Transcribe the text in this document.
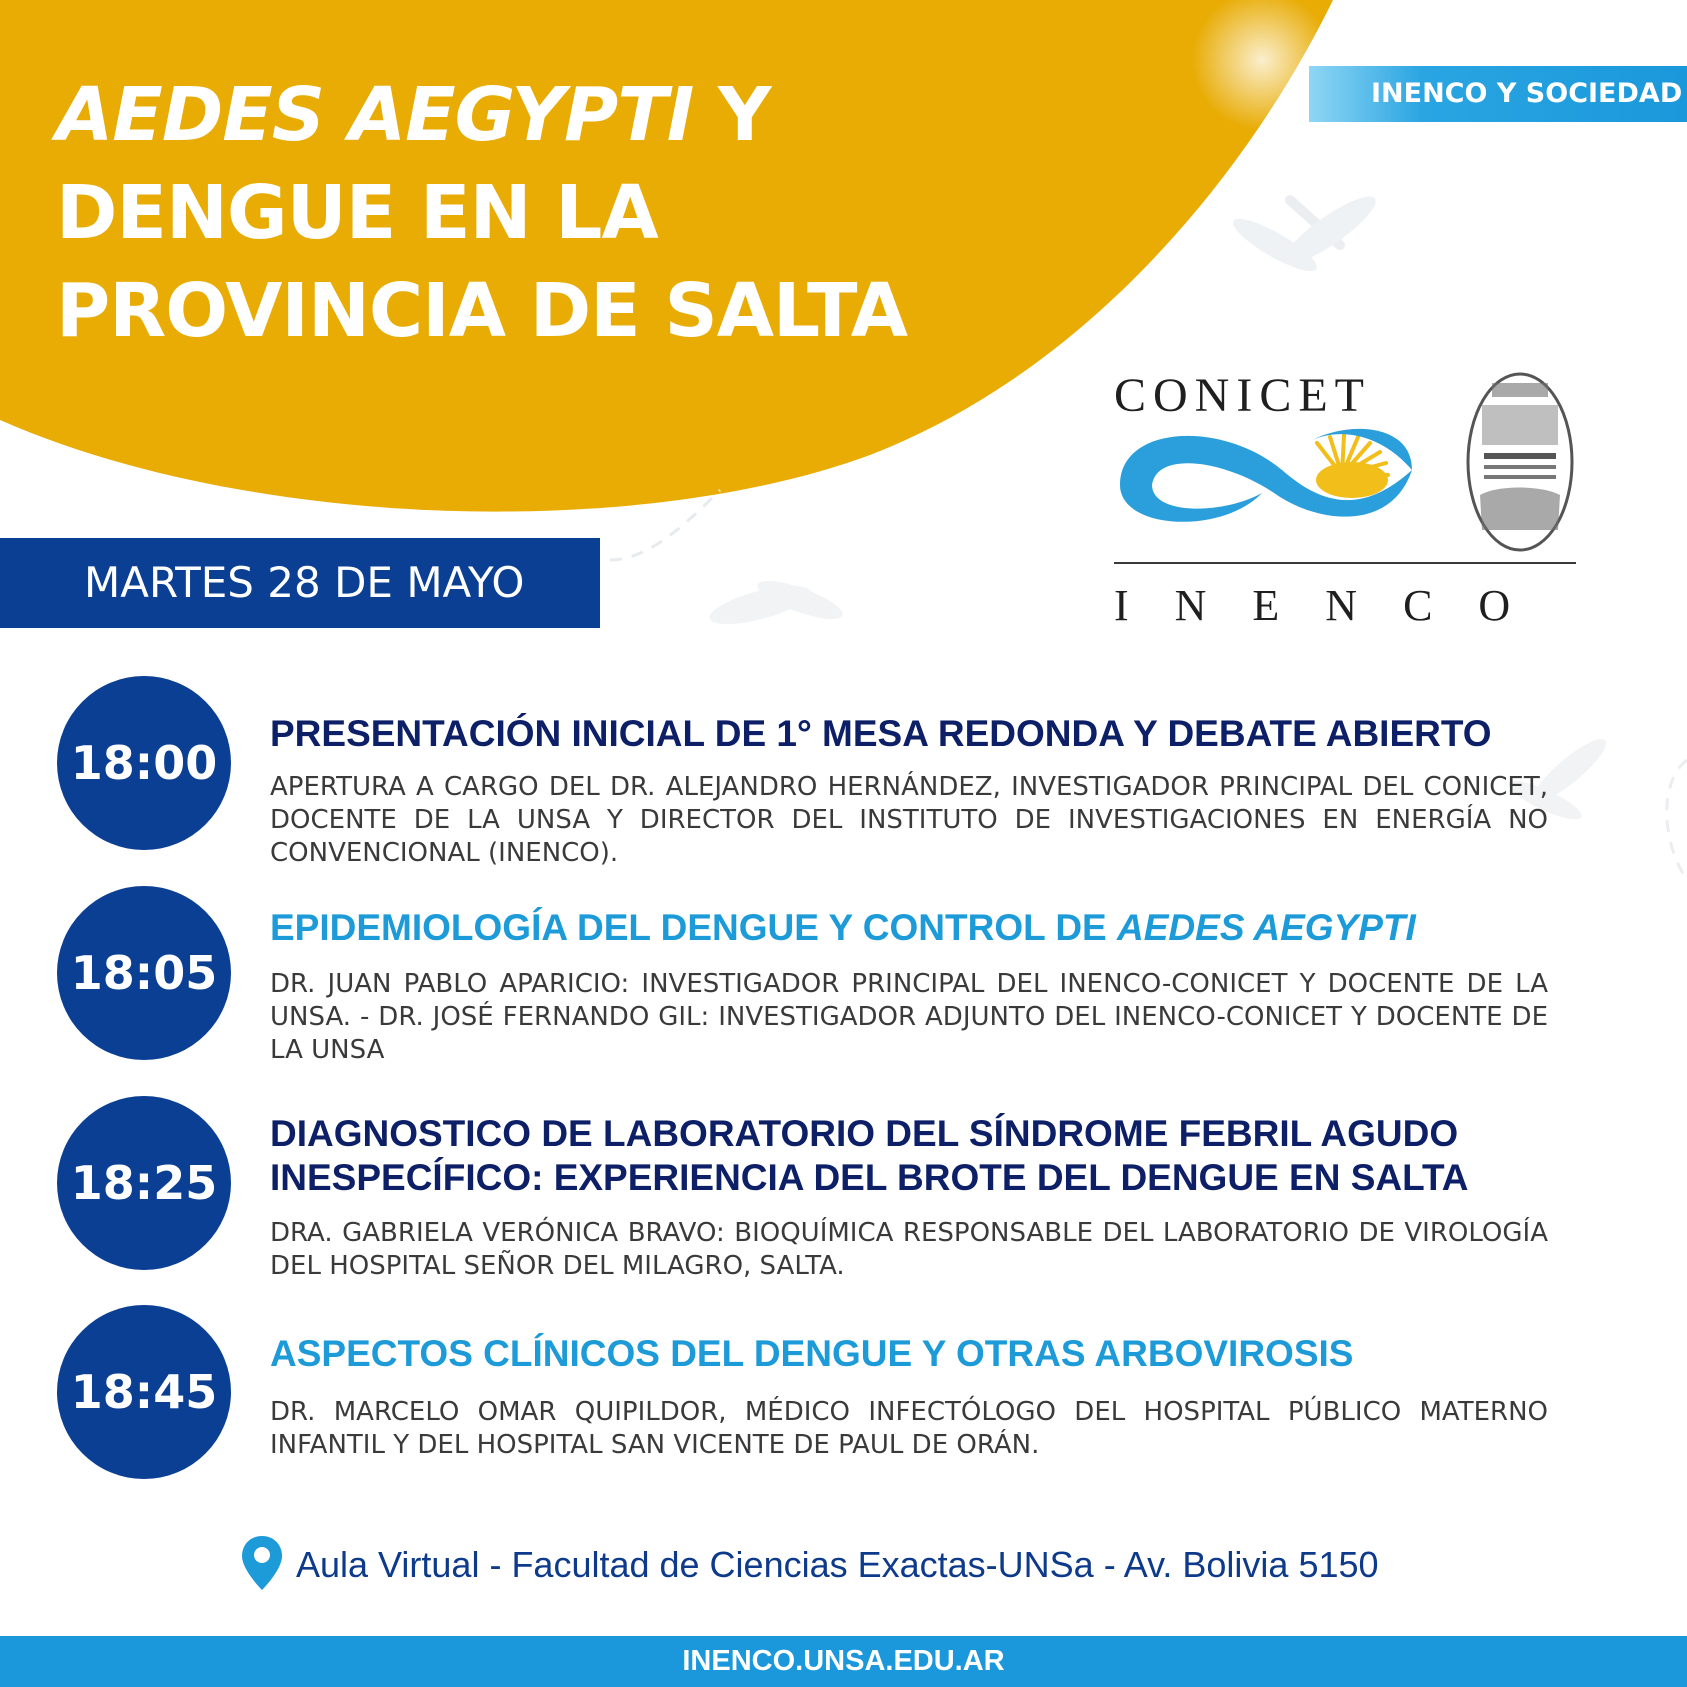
AEDES AEGYPTI Y
DENGUE EN LA
PROVINCIA DE SALTA
INENCO Y SOCIEDAD
MARTES 28 DE MAYO
CONICET
INENCO
18:00
PRESENTACIÓN INICIAL DE 1° MESA REDONDA Y DEBATE ABIERTO

APERTURA A CARGO DEL DR. ALEJANDRO HERNÁNDEZ, INVESTIGADOR PRINCIPAL DEL CONICET, DOCENTE DE LA UNSA Y DIRECTOR DEL INSTITUTO DE INVESTIGACIONES EN ENERGÍA NO CONVENCIONAL (INENCO).

18:05
EPIDEMIOLOGÍA DEL DENGUE Y CONTROL DE AEDES AEGYPTI

DR. JUAN PABLO APARICIO: INVESTIGADOR PRINCIPAL DEL INENCO-CONICET Y DOCENTE DE LA UNSA. - DR. JOSÉ FERNANDO GIL: INVESTIGADOR ADJUNTO DEL INENCO-CONICET Y DOCENTE DE LA UNSA

18:25
DIAGNOSTICO DE LABORATORIO DEL SÍNDROME FEBRIL AGUDO
INESPECÍFICO: EXPERIENCIA DEL BROTE DEL DENGUE EN SALTA

DRA. GABRIELA VERÓNICA BRAVO: BIOQUÍMICA RESPONSABLE DEL LABORATORIO DE VIROLOGÍA DEL HOSPITAL SEÑOR DEL MILAGRO, SALTA.

18:45
ASPECTOS CLÍNICOS DEL DENGUE Y OTRAS ARBOVIROSIS

DR. MARCELO OMAR QUIPILDOR, MÉDICO INFECTÓLOGO DEL HOSPITAL PÚBLICO MATERNO INFANTIL Y DEL HOSPITAL SAN VICENTE DE PAUL DE ORÁN.

Aula Virtual - Facultad de Ciencias Exactas-UNSa - Av. Bolivia 5150
INENCO.UNSA.EDU.AR
